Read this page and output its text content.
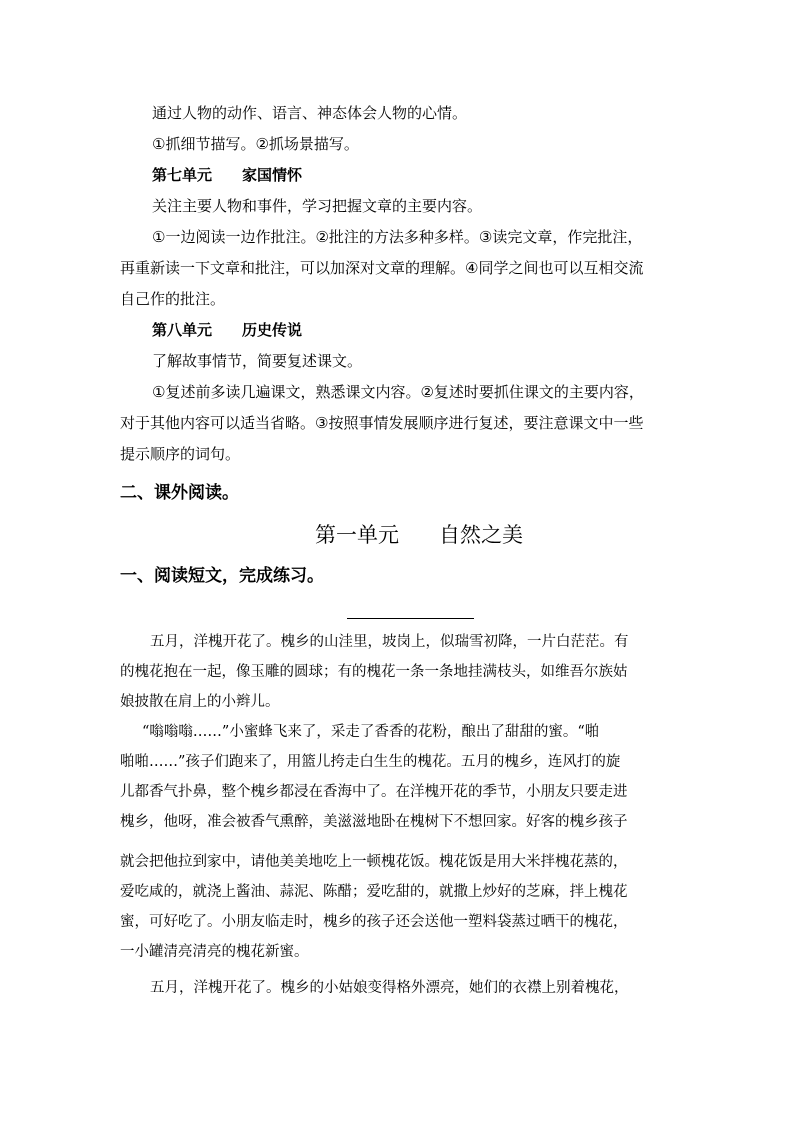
通过人物的动作、语言、神态体会人物的心情。
①抓细节描写。②抓场景描写。
第七单元 家国情怀
关注主要人物和事件，学习把握文章的主要内容。
①一边阅读一边作批注。②批注的方法多种多样。③读完文章，作完批注，
再重新读一下文章和批注，可以加深对文章的理解。④同学之间也可以互相交流
自己作的批注。
第八单元 历史传说
了解故事情节，简要复述课文。
①复述前多读几遍课文，熟悉课文内容。②复述时要抓住课文的主要内容，
对于其他内容可以适当省略。③按照事情发展顺序进行复述，要注意课文中一些
提示顺序的词句。
二、课外阅读。
第一单元 自然之美
一、阅读短文，完成练习。
五月，洋槐开花了。槐乡的山洼里，坡岗上，似瑞雪初降，一片白茫茫。有
的槐花抱在一起，像玉雕的圆球；有的槐花一条一条地挂满枝头，如维吾尔族姑
娘披散在肩上的小辫儿。
“嗡嗡嗡……”小蜜蜂飞来了，采走了香香的花粉，酿出了甜甜的蜜。“啪
啪啪……”孩子们跑来了，用篮儿挎走白生生的槐花。五月的槐乡，连风打的旋
儿都香气扑鼻，整个槐乡都浸在香海中了。在洋槐开花的季节，小朋友只要走进
槐乡，他呀，准会被香气熏醉，美滋滋地卧在槐树下不想回家。好客的槐乡孩子
就会把他拉到家中，请他美美地吃上一顿槐花饭。槐花饭是用大米拌槐花蒸的，
爱吃咸的，就浇上酱油、蒜泥、陈醋；爱吃甜的，就撒上炒好的芝麻，拌上槐花
蜜，可好吃了。小朋友临走时，槐乡的孩子还会送他一塑料袋蒸过晒干的槐花，
一小罐清亮清亮的槐花新蜜。
五月，洋槐开花了。槐乡的小姑娘变得格外漂亮，她们的衣襟上别着槐花，
